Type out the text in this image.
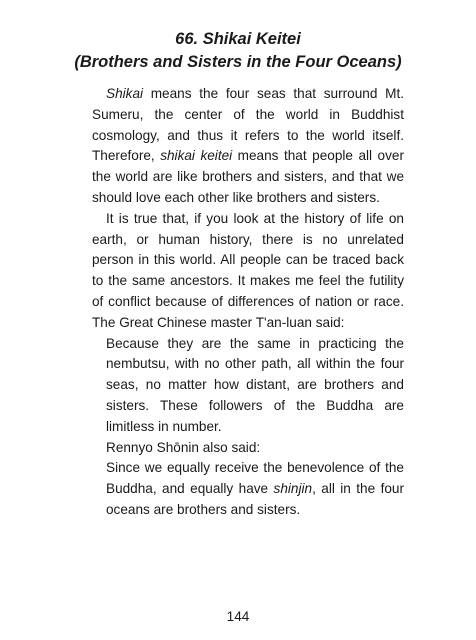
66. Shikai Keitei
(Brothers and Sisters in the Four Oceans)

Shikai means the four seas that surround Mt. Sumeru, the center of the world in Buddhist cosmology, and thus it refers to the world itself. Therefore, shikai keitei means that people all over the world are like brothers and sisters, and that we should love each other like brothers and sisters.

It is true that, if you look at the history of life on earth, or human history, there is no unrelated person in this world. All people can be traced back to the same ancestors. It makes me feel the futility of conflict because of differences of nation or race. The Great Chinese master T'an-luan said:

Because they are the same in practicing the nembutsu, with no other path, all within the four seas, no matter how distant, are brothers and sisters. These followers of the Buddha are limitless in number.

Rennyo Shōnin also said:

Since we equally receive the benevolence of the Buddha, and equally have shinjin, all in the four oceans are brothers and sisters.

144
